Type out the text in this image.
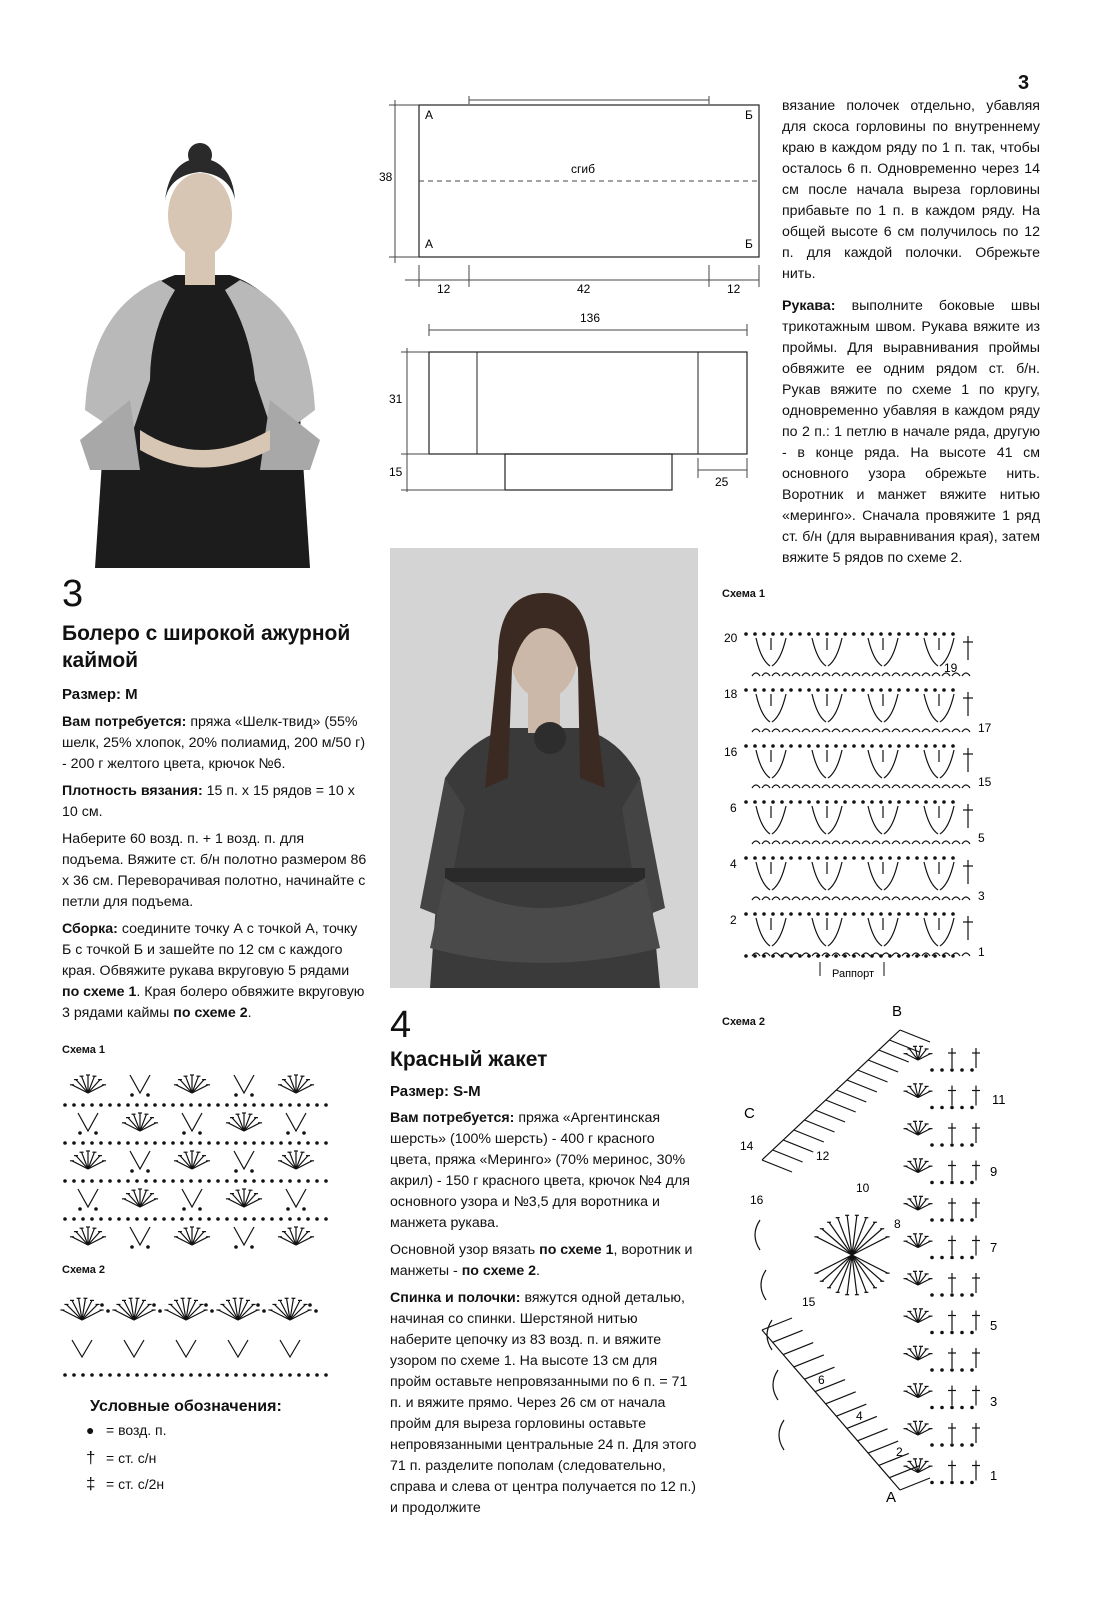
3
А	Б
А	Б
сгиб
38
12	42	12
136
31
15
25
вязание полочек отдельно, убавляя для скоса горловины по внутреннему краю в каждом ряду по 1 п. так, чтобы осталось 6 п. Одновременно через 14 см после начала выреза горловины прибавьте по 1 п. в каждом ряду. На общей высоте 6 см получилось по 12 п. для каждой полочки. Обрежьте нить.
Рукава: выполните боковые швы трикотажным швом. Рукава вяжите из проймы. Для выравнивания проймы обвяжите ее одним рядом ст. б/н. Рукав вяжите по схеме 1 по кругу, одновременно убавляя в каждом ряду по 2 п.: 1 петлю в начале ряда, другую - в конце ряда. На высоте 41 см основного узора обрежьте нить. Воротник и манжет вяжите нитью «меринго». Сначала провяжите 1 ряд ст. б/н (для выравнивания края), затем вяжите 5 рядов по схеме 2.
3
Болеро с широкой ажурной каймой
Размер: M
Вам потребуется: пряжа «Шелк-твид» (55% шелк, 25% хлопок, 20% полиамид, 200 м/50 г) - 200 г желтого цвета, крючок №6.
Плотность вязания: 15 п. х 15 рядов = 10 х 10 см.
Наберите 60 возд. п. + 1 возд. п. для подъема. Вяжите ст. б/н полотно размером 86 х 36 см. Переворачивая полотно, начинайте с петли для подъема.
Сборка: соедините точку А с точкой А, точку Б с точкой Б и зашейте по 12 см с каждого края. Обвяжите рукава вкруговую 5 рядами по схеме 1. Края болеро обвяжите вкруговую 3 рядами каймы по схеме 2.
Схема 1
Схема 2
Условные обозначения:
● = возд. п.
† = ст. с/н
‡ = ст. с/2н
4
Красный жакет
Размер: S-M
Вам потребуется: пряжа «Аргентинская шерсть» (100% шерсть) - 400 г красного цвета, пряжа «Меринго» (70% меринос, 30% акрил) - 150 г красного цвета, крючок №4 для основного узора и №3,5 для воротника и манжета рукава.
Основной узор вязать по схеме 1, воротник и манжеты - по схеме 2.
Спинка и полочки: вяжутся одной деталью, начиная со спинки. Шерстяной нитью наберите цепочку из 83 возд. п. и вяжите узором по схеме 1. На высоте 13 см для пройм оставьте непровязанными по 6 п. = 71 п. и вяжите прямо. Через 26 см от начала пройм для выреза горловины оставьте непровязанными центральные 24 п. Для этого 71 п. разделите пополам (следовательно, справа и слева от центра получается по 12 п.) и продолжите
Схема 1
20
18
16
6
4
2
19
17
15
5
3
1
Раппорт
Схема 2
B
C
A
11
9
7
5
3
1
14
12
10
16
8
15
6
4
2
